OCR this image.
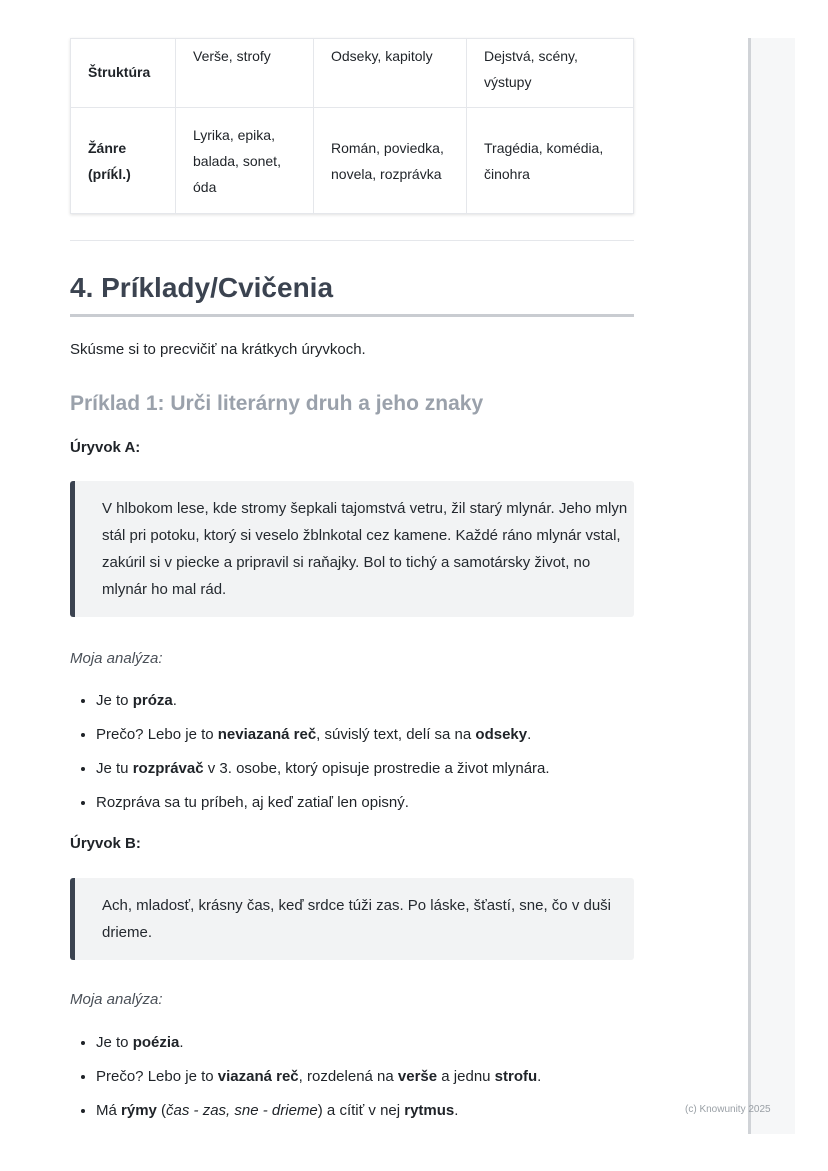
(c) Knowunity 2025
Štruktúra	Verše, strofy	Odseky, kapitoly	Dejstvá, scény, výstupy
Žánre (príḱl.)	Lyrika, epika, balada, sonet, óda	Román, poviedka, novela, rozprávka	Tragédia, komédia, činohra
4. Príklady/Cvičenia

Skúsme si to precvičiť na krátkych úryvkoch.

Príklad 1: Urči literárny druh a jeho znaky

Úryvok A:

V hlbokom lese, kde stromy šepkali tajomstvá vetru, žil starý mlynár. Jeho mlyn stál pri potoku, ktorý si veselo žblnkotal cez kamene. Každé ráno mlynár vstal, zakúril si v piecke a pripravil si raňajky. Bol to tichý a samotársky život, no mlynár ho mal rád.

Moja analýza:

• Je to próza.
• Prečo? Lebo je to neviazaná reč, súvislý text, delí sa na odseky.
• Je tu rozprávač v 3. osobe, ktorý opisuje prostredie a život mlynára.
• Rozpráva sa tu príbeh, aj keď zatiaľ len opisný.

Úryvok B:

Ach, mladosť, krásny čas, keď srdce túži zas. Po láske, šťastí, sne, čo v duši drieme.

Moja analýza:

• Je to poézia.
• Prečo? Lebo je to viazaná reč, rozdelená na verše a jednu strofu.
• Má rýmy (čas - zas, sne - drieme) a cítiť v nej rytmus.
